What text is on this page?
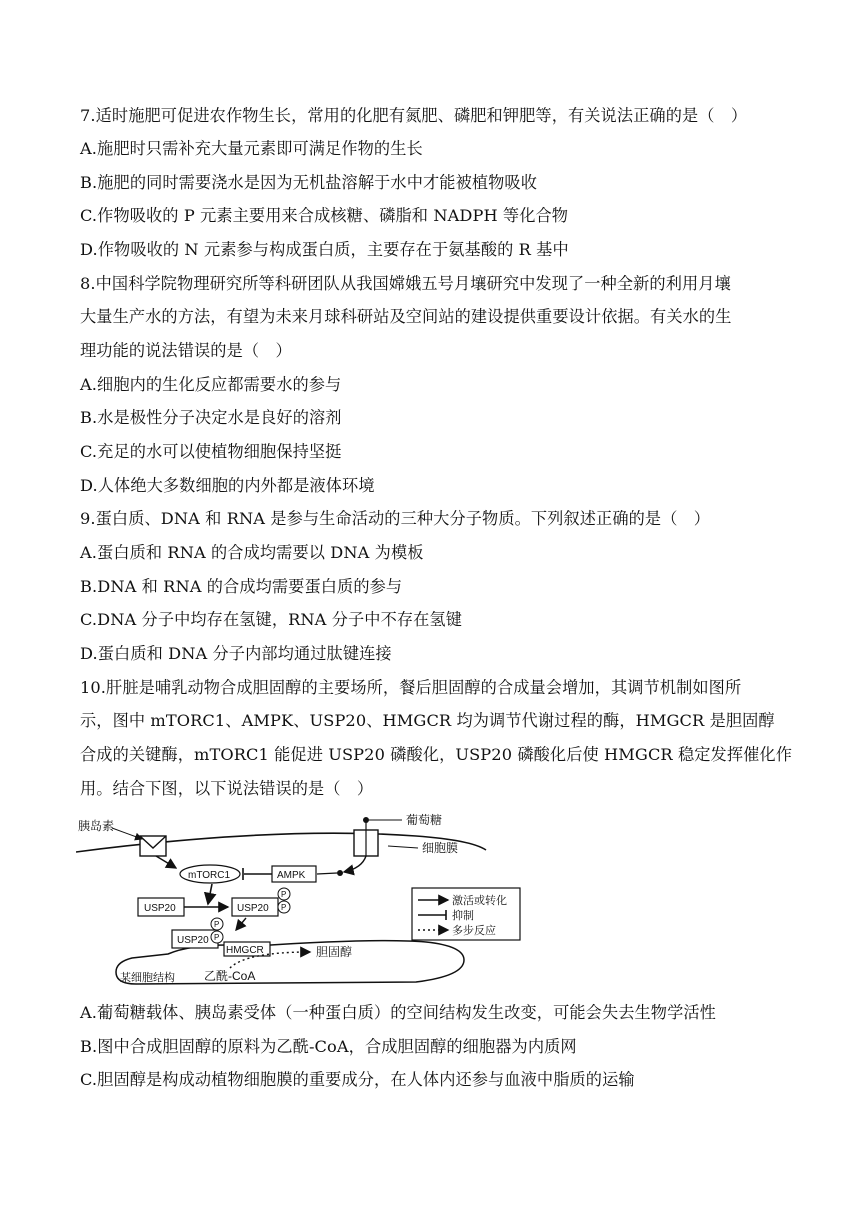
7.适时施肥可促进农作物生长，常用的化肥有氮肥、磷肥和钾肥等，有关说法正确的是（　）
A.施肥时只需补充大量元素即可满足作物的生长
B.施肥的同时需要浇水是因为无机盐溶解于水中才能被植物吸收
C.作物吸收的 P 元素主要用来合成核糖、磷脂和 NADPH 等化合物
D.作物吸收的 N 元素参与构成蛋白质，主要存在于氨基酸的 R 基中
8.中国科学院物理研究所等科研团队从我国嫦娥五号月壤研究中发现了一种全新的利用月壤
大量生产水的方法，有望为未来月球科研站及空间站的建设提供重要设计依据。有关水的生
理功能的说法错误的是（　）
A.细胞内的生化反应都需要水的参与
B.水是极性分子决定水是良好的溶剂
C.充足的水可以使植物细胞保持坚挺
D.人体绝大多数细胞的内外都是液体环境
9.蛋白质、DNA 和 RNA 是参与生命活动的三种大分子物质。下列叙述正确的是（　）
A.蛋白质和 RNA 的合成均需要以 DNA 为模板
B.DNA 和 RNA 的合成均需要蛋白质的参与
C.DNA 分子中均存在氢键，RNA 分子中不存在氢键
D.蛋白质和 DNA 分子内部均通过肽键连接
10.肝脏是哺乳动物合成胆固醇的主要场所，餐后胆固醇的合成量会增加，其调节机制如图所
示，图中 mTORC1、AMPK、USP20、HMGCR 均为调节代谢过程的酶，HMGCR 是胆固醇
合成的关键酶，mTORC1 能促进 USP20 磷酸化，USP20 磷酸化后使 HMGCR 稳定发挥催化作
用。结合下图，以下说法错误的是（　）
胰岛素	葡萄糖
细胞膜
AMPK
mTORC1
USP20	USP20
P
P
某细胞结构
USP20
P
P
HMGCR	胆固醇
乙酰-CoA
激活或转化
抑制
多步反应
A.葡萄糖载体、胰岛素受体（一种蛋白质）的空间结构发生改变，可能会失去生物学活性
B.图中合成胆固醇的原料为乙酰-CoA，合成胆固醇的细胞器为内质网
C.胆固醇是构成动植物细胞膜的重要成分，在人体内还参与血液中脂质的运输
